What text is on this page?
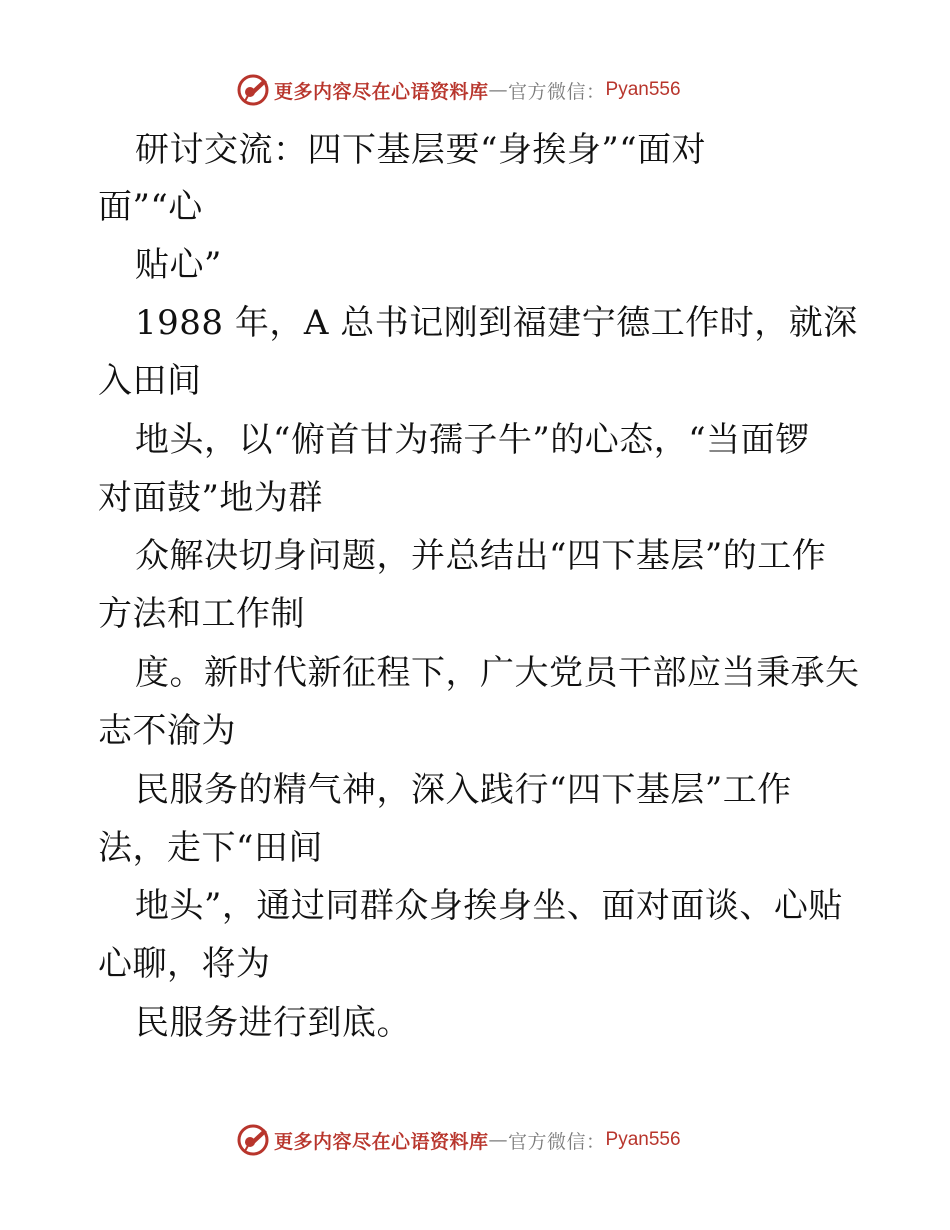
更多内容尽在心语资料库 — 官方微信： Pyan556
研讨交流：四下基层要“身挨身”“面对
面”“心
贴心”
1988 年，A 总书记刚到福建宁德工作时，就深
入田间
地头，以“俯首甘为孺子牛”的心态，“当面锣
对面鼓”地为群
众解决切身问题，并总结出“四下基层”的工作
方法和工作制
度。新时代新征程下，广大党员干部应当秉承矢
志不渝为
民服务的精气神，深入践行“四下基层”工作
法，走下“田间
地头”，通过同群众身挨身坐、面对面谈、心贴
心聊，将为
民服务进行到底。
更多内容尽在心语资料库 — 官方微信： Pyan556
